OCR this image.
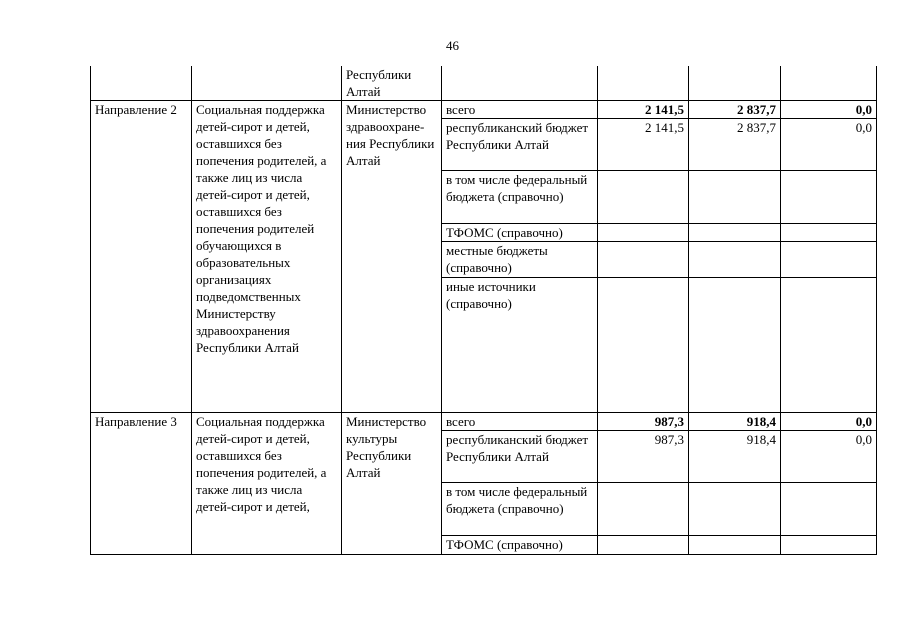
46
		Республики Алтай				
Направление 2	Социальная поддержка детей-сирот и детей, оставшихся без попечения родителей, а также лиц из числа детей-сирот и детей, оставшихся без попечения родителей обучающихся в образовательных организациях подведомственных Министерству здравоохранения Республики Алтай	Министерство здравоохране-ния Республики Алтай	всего	2 141,5	2 837,7	0,0
			республиканский бюджет Республики Алтай	2 141,5	2 837,7	0,0
			в том числе федеральный бюджета (справочно)			
			ТФОМС (справочно)			
			местные бюджеты (справочно)			
			иные источники (справочно)			
Направление 3	Социальная поддержка детей-сирот и детей, оставшихся без попечения родителей, а также лиц из числа детей-сирот и детей,	Министерство культуры Республики Алтай	всего	987,3	918,4	0,0
			республиканский бюджет Республики Алтай	987,3	918,4	0,0
			в том числе федеральный бюджета (справочно)			
			ТФОМС (справочно)			
